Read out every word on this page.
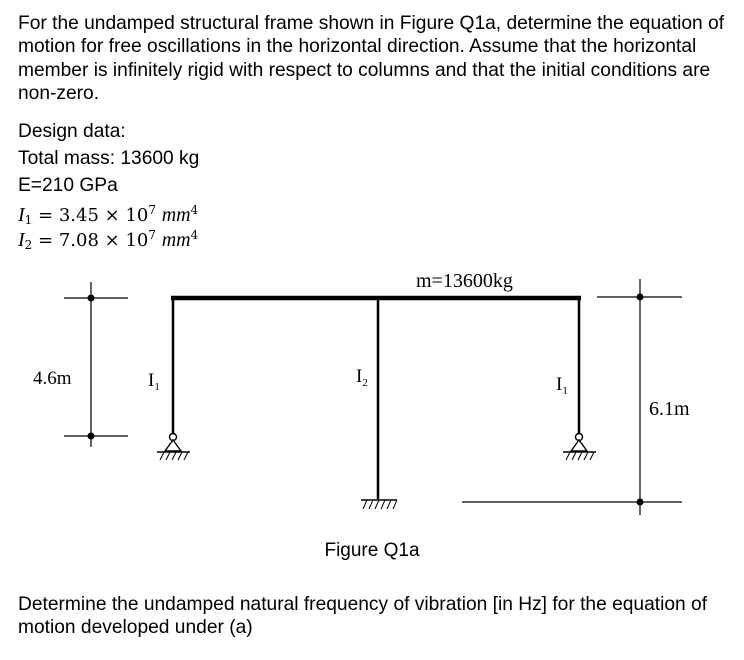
For the undamped structural frame shown in Figure Q1a, determine the equation of motion for free oscillations in the horizontal direction. Assume that the horizontal member is infinitely rigid with respect to columns and that the initial conditions are non-zero.
Design data:
Total mass: 13600 kg
E=210 GPa
$I_1 = 3.45 \times 10^7$ $mm^4$
$I_2 = 7.08 \times 10^7$ $mm^4$
m=13600kg
4.6m
6.1m
$I_1$	$I_2$	$I_1$
Figure Q1a
Determine the undamped natural frequency of vibration [in Hz] for the equation of motion developed under (a)
